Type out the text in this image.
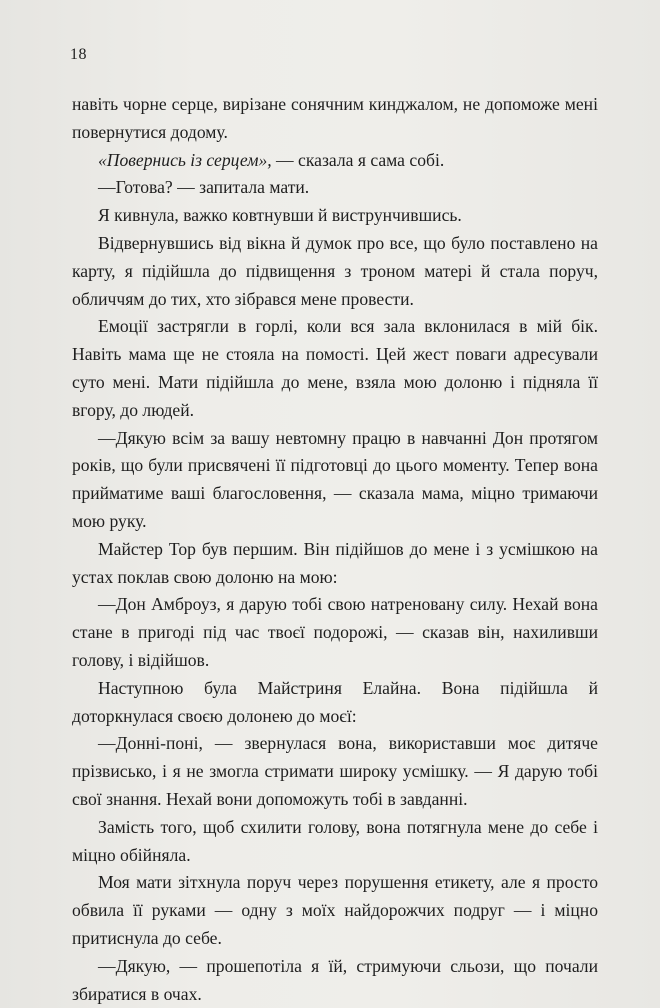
18

навіть чорне серце, вирізане сонячним кинджалом, не допоможе мені повернутися додому.

«Повернись із серцем», — сказала я сама собі.

—Готова? — запитала мати.

Я кивнула, важко ковтнувши й виструнчившись.

Відвернувшись від вікна й думок про все, що було поставлено на карту, я підійшла до підвищення з троном матері й стала поруч, обличчям до тих, хто зібрався мене провести.

Емоції застрягли в горлі, коли вся зала вклонилася в мій бік. Навіть мама ще не стояла на помості. Цей жест поваги адресували суто мені. Мати підійшла до мене, взяла мою долоню і підняла її вгору, до людей.

—Дякую всім за вашу невтомну працю в навчанні Дон протягом років, що були присвячені її підготовці до цього моменту. Тепер вона прийматиме ваші благословення, — сказала мама, міцно тримаючи мою руку.

Майстер Тор був першим. Він підійшов до мене і з усмішкою на устах поклав свою долоню на мою:

—Дон Амброуз, я дарую тобі свою натреновану силу. Нехай вона стане в пригоді під час твоєї подорожі, — сказав він, нахиливши голову, і відійшов.

Наступною була Майстриня Елайна. Вона підійшла й доторкнулася своєю долонею до моєї:

—Донні-поні, — звернулася вона, використавши моє дитяче прізвисько, і я не змогла стримати широку усмішку. — Я дарую тобі свої знання. Нехай вони допоможуть тобі в завданні.

Замість того, щоб схилити голову, вона потягнула мене до себе і міцно обійняла.

Моя мати зітхнула поруч через порушення етикету, але я просто обвила її руками — одну з моїх найдорожчих подруг — і міцно притиснула до себе.

—Дякую, — прошепотіла я їй, стримуючи сльози, що почали збиратися в очах.
